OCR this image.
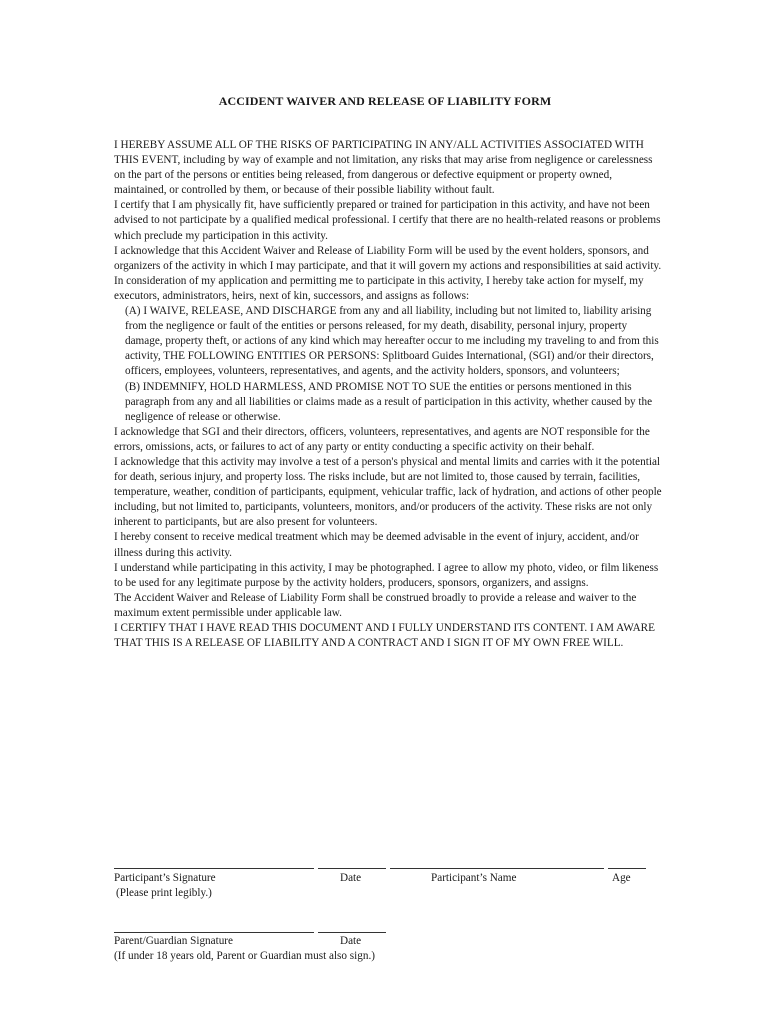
ACCIDENT WAIVER AND RELEASE OF LIABILITY FORM

I HEREBY ASSUME ALL OF THE RISKS OF PARTICIPATING IN ANY/ALL ACTIVITIES ASSOCIATED WITH THIS EVENT, including by way of example and not limitation, any risks that may arise from negligence or carelessness on the part of the persons or entities being released, from dangerous or defective equipment or property owned, maintained, or controlled by them, or because of their possible liability without fault.

I certify that I am physically fit, have sufficiently prepared or trained for participation in this activity, and have not been advised to not participate by a qualified medical professional. I certify that there are no health-related reasons or problems which preclude my participation in this activity.

I acknowledge that this Accident Waiver and Release of Liability Form will be used by the event holders, sponsors, and organizers of the activity in which I may participate, and that it will govern my actions and responsibilities at said activity.

In consideration of my application and permitting me to participate in this activity, I hereby take action for myself, my executors, administrators, heirs, next of kin, successors, and assigns as follows:

(A) I WAIVE, RELEASE, AND DISCHARGE from any and all liability, including but not limited to, liability arising from the negligence or fault of the entities or persons released, for my death, disability, personal injury, property damage, property theft, or actions of any kind which may hereafter occur to me including my traveling to and from this activity, THE FOLLOWING ENTITIES OR PERSONS: Splitboard Guides International, (SGI) and/or their directors, officers, employees, volunteers, representatives, and agents, and the activity holders, sponsors, and volunteers;

(B) INDEMNIFY, HOLD HARMLESS, AND PROMISE NOT TO SUE the entities or persons mentioned in this paragraph from any and all liabilities or claims made as a result of participation in this activity, whether caused by the negligence of release or otherwise.

I acknowledge that SGI and their directors, officers, volunteers, representatives, and agents are NOT responsible for the errors, omissions, acts, or failures to act of any party or entity conducting a specific activity on their behalf.

I acknowledge that this activity may involve a test of a person's physical and mental limits and carries with it the potential for death, serious injury, and property loss. The risks include, but are not limited to, those caused by terrain, facilities, temperature, weather, condition of participants, equipment, vehicular traffic, lack of hydration, and actions of other people including, but not limited to, participants, volunteers, monitors, and/or producers of the activity. These risks are not only inherent to participants, but are also present for volunteers.

I hereby consent to receive medical treatment which may be deemed advisable in the event of injury, accident, and/or illness during this activity.

I understand while participating in this activity, I may be photographed. I agree to allow my photo, video, or film likeness to be used for any legitimate purpose by the activity holders, producers, sponsors, organizers, and assigns.

The Accident Waiver and Release of Liability Form shall be construed broadly to provide a release and waiver to the maximum extent permissible under applicable law.

I CERTIFY THAT I HAVE READ THIS DOCUMENT AND I FULLY UNDERSTAND ITS CONTENT. I AM AWARE THAT THIS IS A RELEASE OF LIABILITY AND A CONTRACT AND I SIGN IT OF MY OWN FREE WILL.

Participant’s Signature	Date	Participant’s Name	Age
(Please print legibly.)
Parent/Guardian Signature	Date
(If under 18 years old, Parent or Guardian must also sign.)
